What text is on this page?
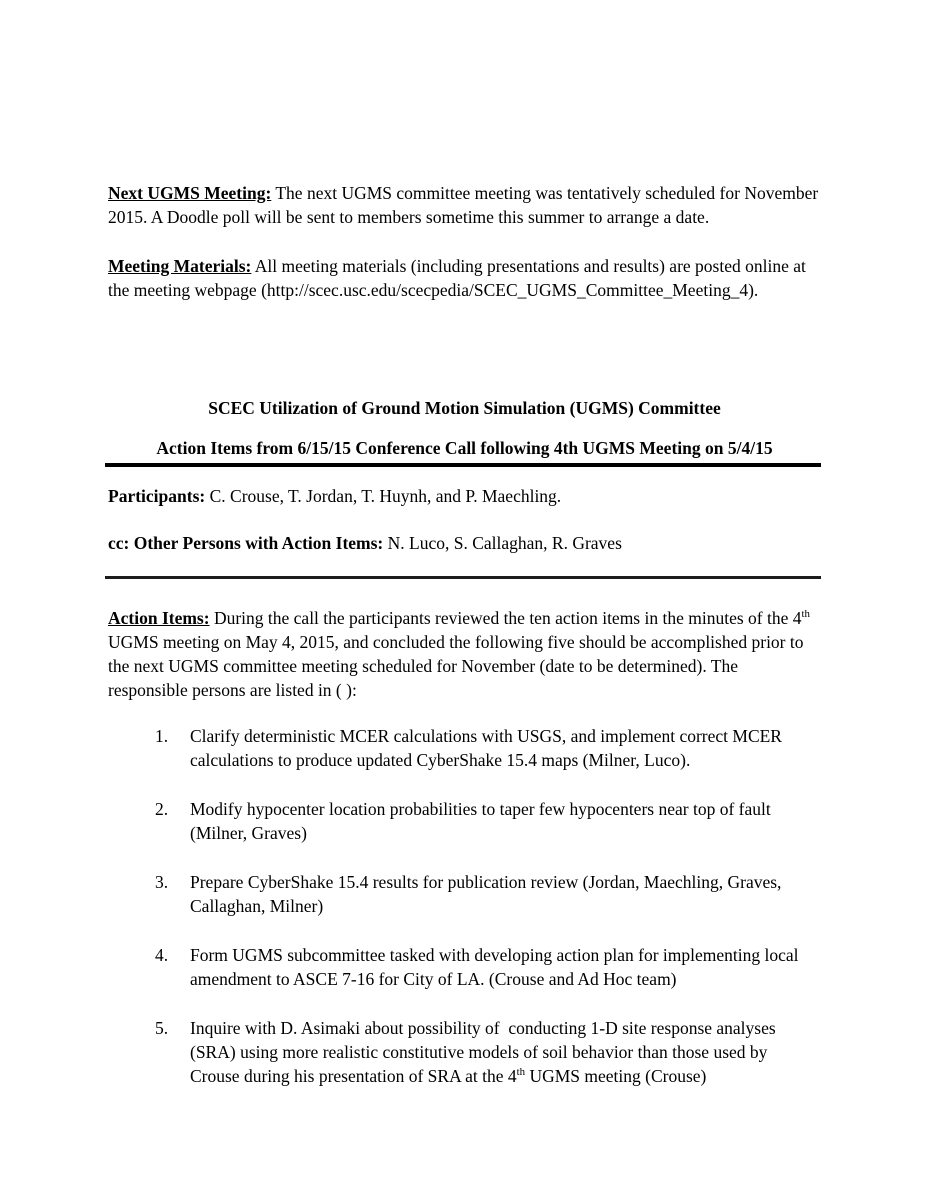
Next UGMS Meeting: The next UGMS committee meeting was tentatively scheduled for November 2015. A Doodle poll will be sent to members sometime this summer to arrange a date.

Meeting Materials: All meeting materials (including presentations and results) are posted online at the meeting webpage (http://scec.usc.edu/scecpedia/SCEC_UGMS_Committee_Meeting_4).

SCEC Utilization of Ground Motion Simulation (UGMS) Committee

Action Items from 6/15/15 Conference Call following 4th UGMS Meeting on 5/4/15

Participants: C. Crouse, T. Jordan, T. Huynh, and P. Maechling.

cc: Other Persons with Action Items: N. Luco, S. Callaghan, R. Graves

Action Items: During the call the participants reviewed the ten action items in the minutes of the 4th UGMS meeting on May 4, 2015, and concluded the following five should be accomplished prior to the next UGMS committee meeting scheduled for November (date to be determined). The responsible persons are listed in ( ):

1.	Clarify deterministic MCER calculations with USGS, and implement correct MCER calculations to produce updated CyberShake 15.4 maps (Milner, Luco).
2.	Modify hypocenter location probabilities to taper few hypocenters near top of fault (Milner, Graves)
3.	Prepare CyberShake 15.4 results for publication review (Jordan, Maechling, Graves, Callaghan, Milner)
4.	Form UGMS subcommittee tasked with developing action plan for implementing local amendment to ASCE 7-16 for City of LA. (Crouse and Ad Hoc team)
5.	Inquire with D. Asimaki about possibility of  conducting 1-D site response analyses (SRA) using more realistic constitutive models of soil behavior than those used by Crouse during his presentation of SRA at the 4th UGMS meeting (Crouse)
